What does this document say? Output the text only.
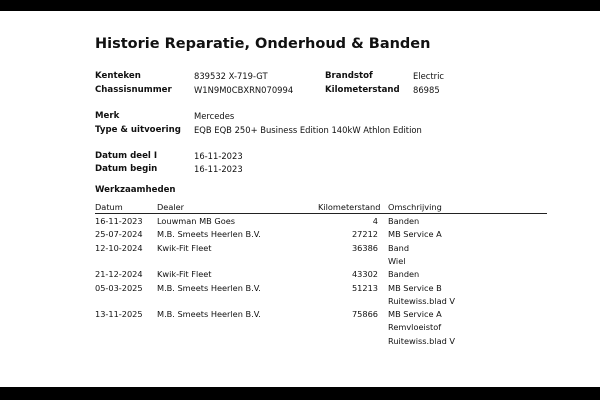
Historie Reparatie, Onderhoud & Banden
Kenteken	839532 X-719-GT	Brandstof	Electric
Chassisnummer	W1N9M0CBXRN070994	Kilometerstand 86985
Merk	Mercedes
Type & uitvoering EQB EQB 250+ Business Edition 140kW Athlon Edition
Datum deel I	16-11-2023
Datum begin	16-11-2023
Werkzaamheden
Datum	Dealer	Kilometerstand Omschrijving
16-11-2023 Louwman MB Goes	4 Banden
25-07-2024 M.B. Smeets Heerlen B.V.	27212 MB Service A
12-10-2024 Kwik-Fit Fleet	36386 Band
Wiel
21-12-2024 Kwik-Fit Fleet	43302 Banden
05-03-2025 M.B. Smeets Heerlen B.V.	51213 MB Service B
Ruitewiss.blad V
13-11-2025 M.B. Smeets Heerlen B.V.	75866 MB Service A
Remvloeistof
Ruitewiss.blad V
